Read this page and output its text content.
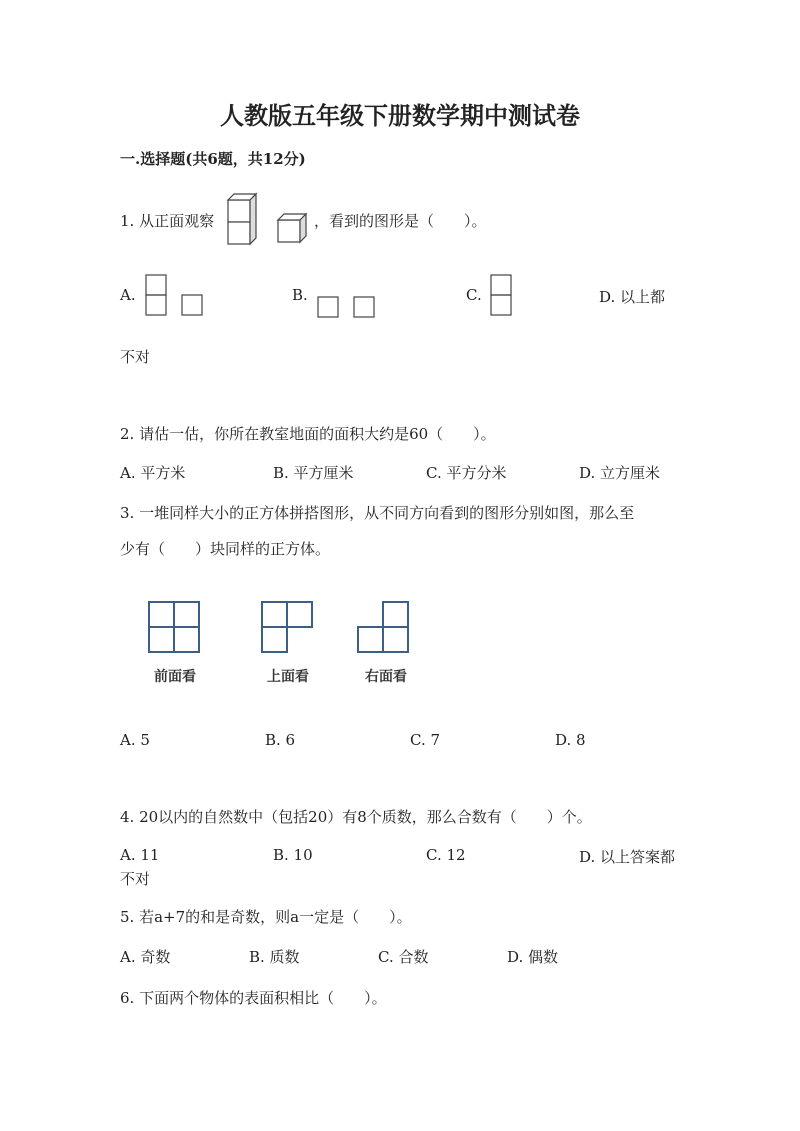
人教版五年级下册数学期中测试卷
一.选择题(共6题，共12分)
1. 从正面观察	，看到的图形是（　　）。
A.	B.	C.	D. 以上都
不对
2. 请估一估，你所在教室地面的面积大约是60（　　）。
A. 平方米	B. 平方厘米	C. 平方分米	D. 立方厘米
3. 一堆同样大小的正方体拼搭图形，从不同方向看到的图形分别如图，那么至
少有（　　）块同样的正方体。
前面看	上面看	右面看
A. 5	B. 6	C. 7	D. 8
4. 20以内的自然数中（包括20）有8个质数，那么合数有（　　）个。
A. 11	B. 10	C. 12	D. 以上答案都
不对
5. 若a+7的和是奇数，则a一定是（　　）。
A. 奇数	B. 质数	C. 合数	D. 偶数
6. 下面两个物体的表面积相比（　　）。
